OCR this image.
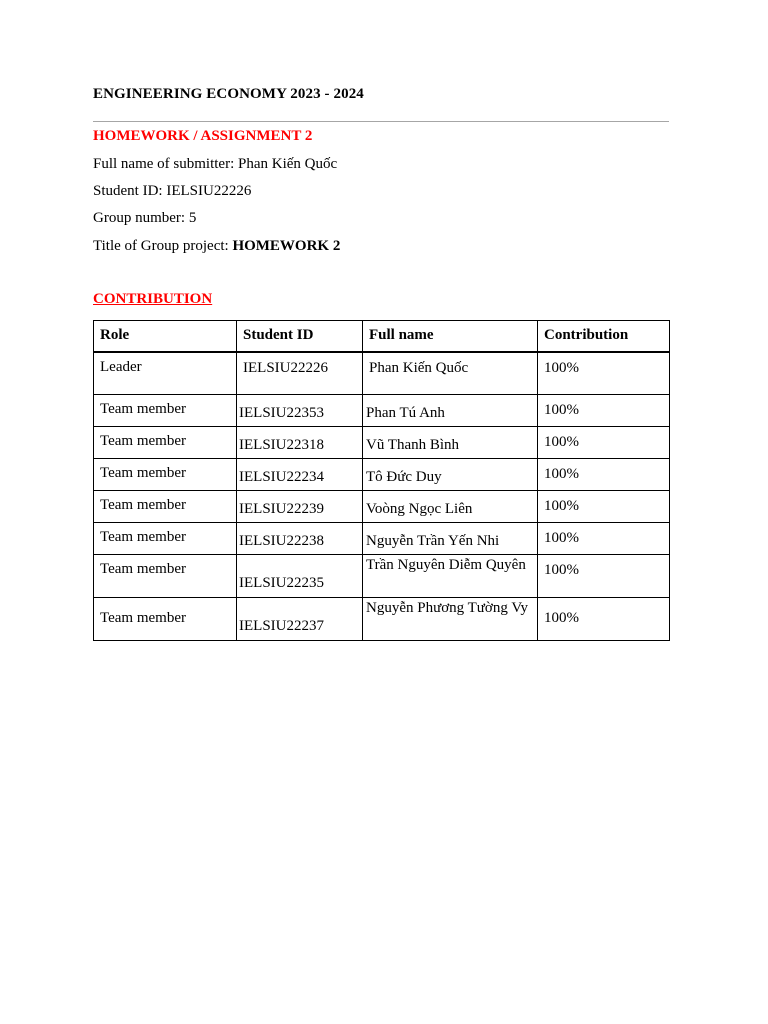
ENGINEERING ECONOMY 2023 - 2024
HOMEWORK / ASSIGNMENT 2
Full name of submitter: Phan Kiến Quốc
Student ID: IELSIU22226
Group number: 5
Title of Group project: HOMEWORK 2
CONTRIBUTION
Role	Student ID	Full name	Contribution

Leader	IELSIU22226	Phan Kiến Quốc	100%

Team member	IELSIU22353	Phan Tú Anh	100%

Team member	IELSIU22318	Vũ Thanh Bình	100%

Team member	IELSIU22234	Tô Đức Duy	100%

Team member	IELSIU22239	Voòng Ngọc Liên	100%

Team member	IELSIU22238	Nguyễn Trần Yến Nhi	100%

Team member	IELSIU22235	Trần Nguyên Diễm Quyên	100%

Team member	IELSIU22237	Nguyễn Phương Tường Vy	100%
